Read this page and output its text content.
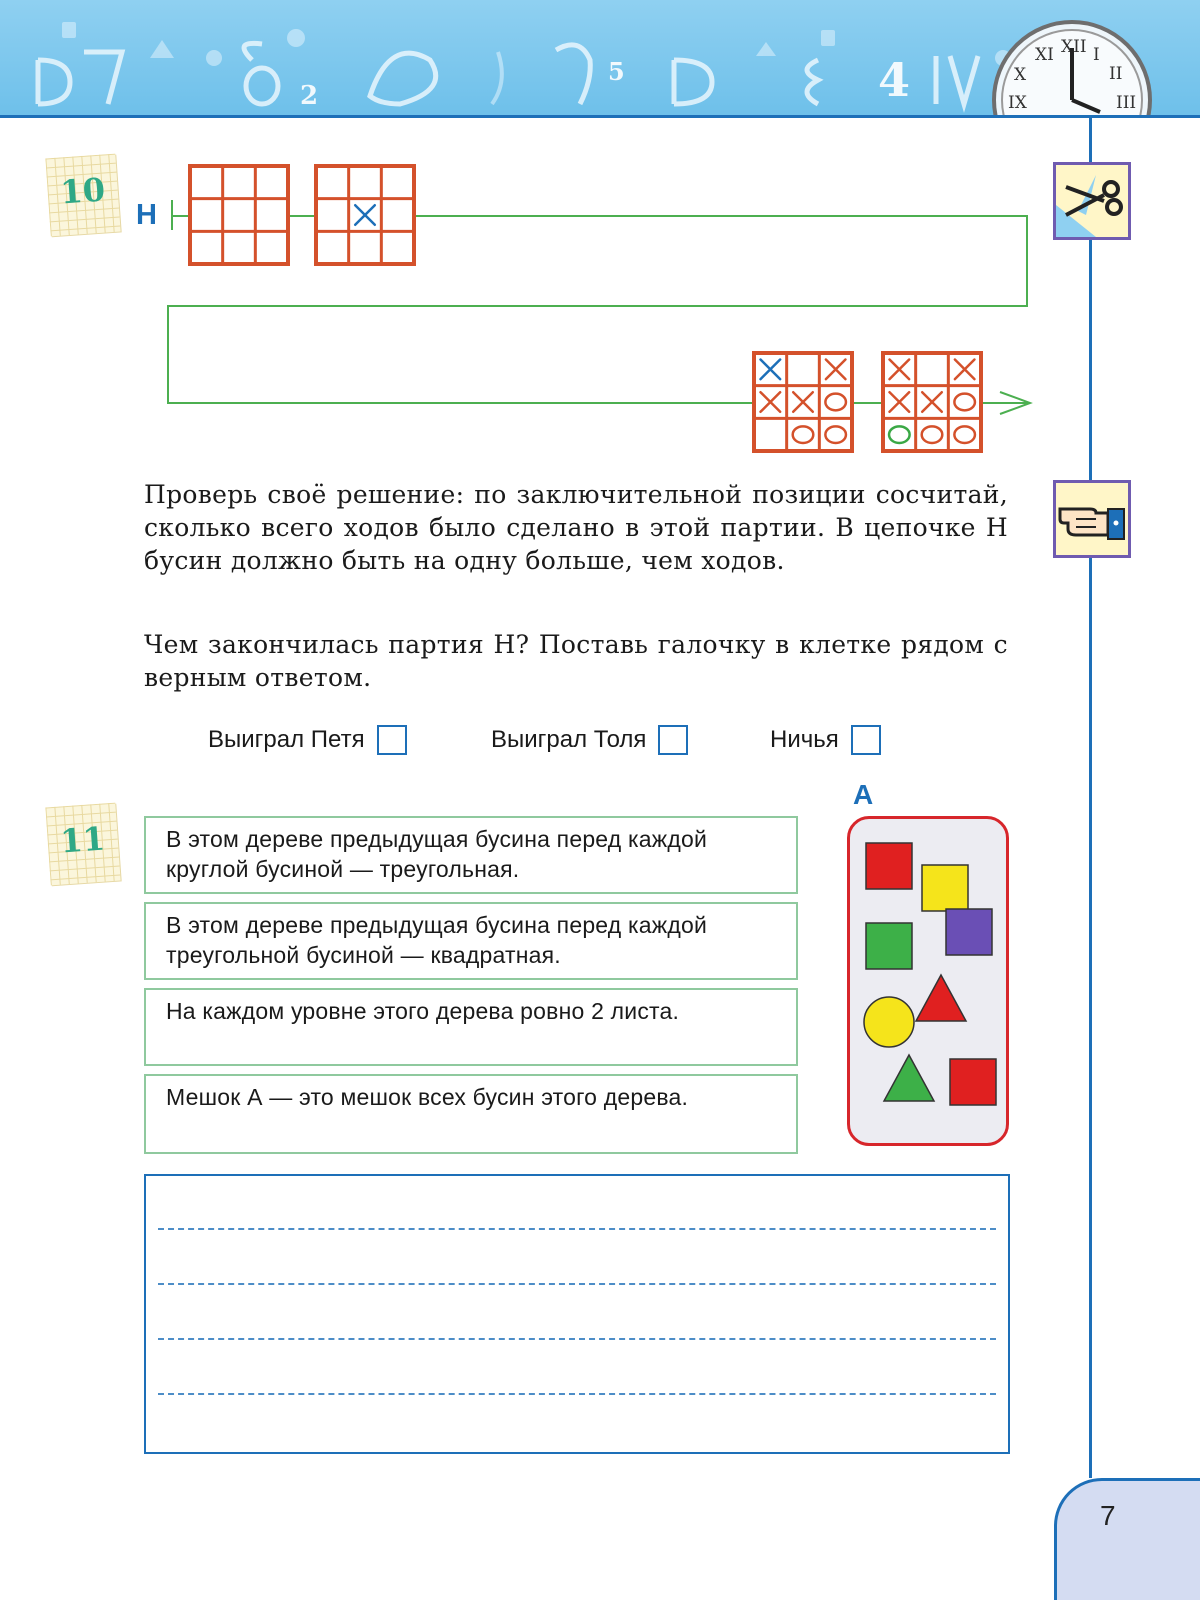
4
5
2
XII I
II
XI
X
IX	III
7
10
Н

Проверь своё решение: по заключительной позиции сосчитай, сколько всего ходов было сделано в этой партии. В цепочке Н бусин должно быть на одну больше, чем ходов.

Чем закончилась партия Н? Поставь галочку в клетке рядом с верным ответом.

Выиграл Петя	Выиграл Толя	Ничья
11	В этом дереве предыдущая бусина перед каждой круглой бусиной — треугольная.
В этом дереве предыдущая бусина перед каждой треугольной бусиной — квадратная.
На каждом уровне этого дерева ровно 2 листа.
Мешок А — это мешок всех бусин этого дерева.
А
